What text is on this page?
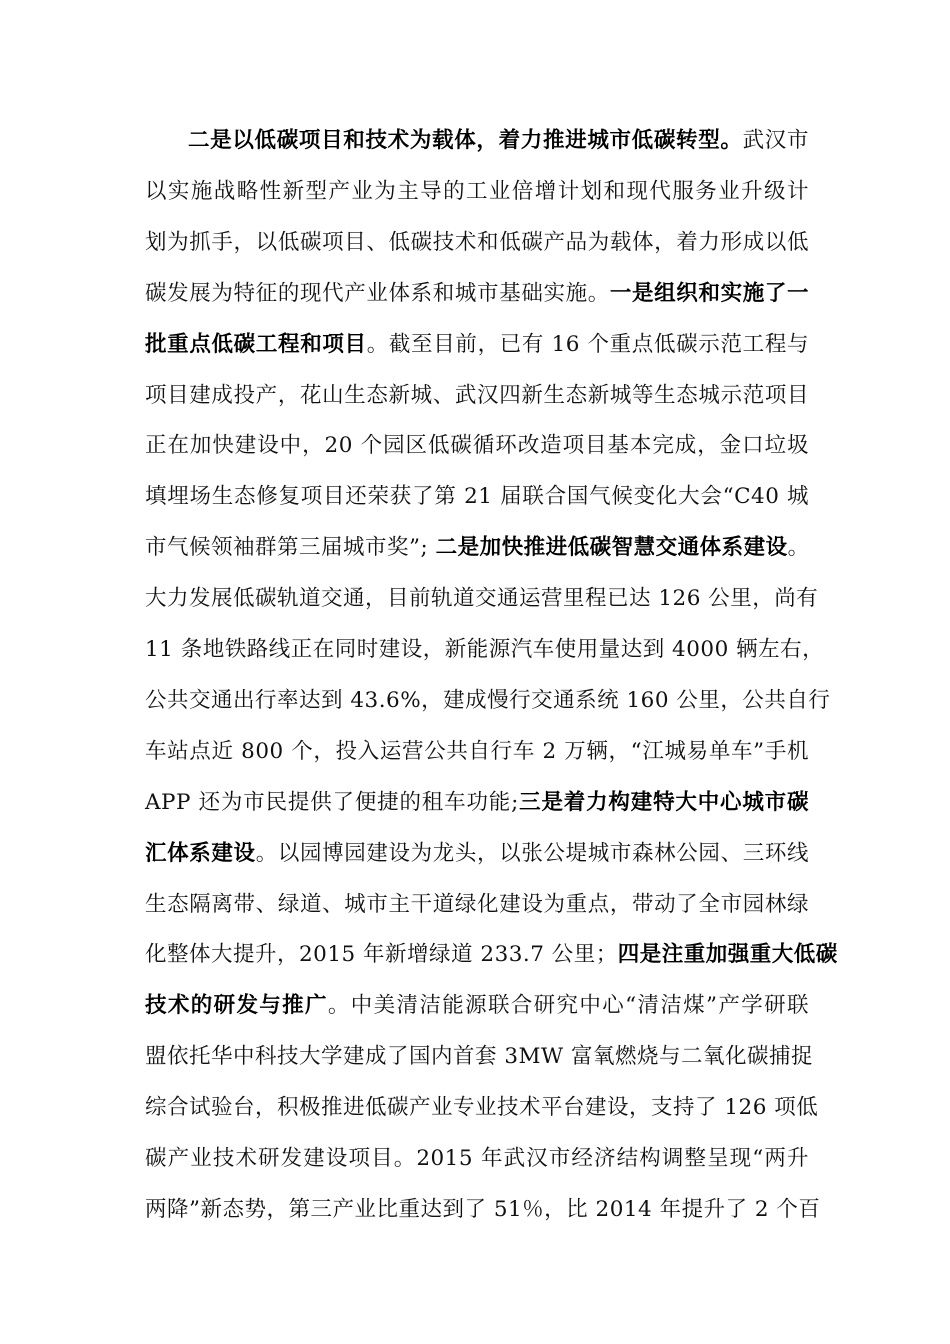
二是以低碳项目和技术为载体，着力推进城市低碳转型。武汉市
以实施战略性新型产业为主导的工业倍增计划和现代服务业升级计
划为抓手，以低碳项目、低碳技术和低碳产品为载体，着力形成以低
碳发展为特征的现代产业体系和城市基础实施。一是组织和实施了一
批重点低碳工程和项目。截至目前，已有 16 个重点低碳示范工程与
项目建成投产，花山生态新城、武汉四新生态新城等生态城示范项目
正在加快建设中，20 个园区低碳循环改造项目基本完成，金口垃圾
填埋场生态修复项目还荣获了第 21 届联合国气候变化大会“C40 城
市气候领袖群第三届城市奖”; 二是加快推进低碳智慧交通体系建设。
大力发展低碳轨道交通，目前轨道交通运营里程已达 126 公里，尚有
11 条地铁路线正在同时建设，新能源汽车使用量达到 4000 辆左右，
公共交通出行率达到 43.6%，建成慢行交通系统 160 公里，公共自行
车站点近 800 个，投入运营公共自行车 2 万辆，“江城易单车”手机
APP 还为市民提供了便捷的租车功能;三是着力构建特大中心城市碳
汇体系建设。以园博园建设为龙头，以张公堤城市森林公园、三环线
生态隔离带、绿道、城市主干道绿化建设为重点，带动了全市园林绿
化整体大提升，2015 年新增绿道 233.7 公里；四是注重加强重大低碳
技术的研发与推广。中美清洁能源联合研究中心“清洁煤”产学研联
盟依托华中科技大学建成了国内首套 3MW 富氧燃烧与二氧化碳捕捉
综合试验台，积极推进低碳产业专业技术平台建设，支持了 126 项低
碳产业技术研发建设项目。2015 年武汉市经济结构调整呈现“两升
两降”新态势，第三产业比重达到了 51％，比 2014 年提升了 2 个百
